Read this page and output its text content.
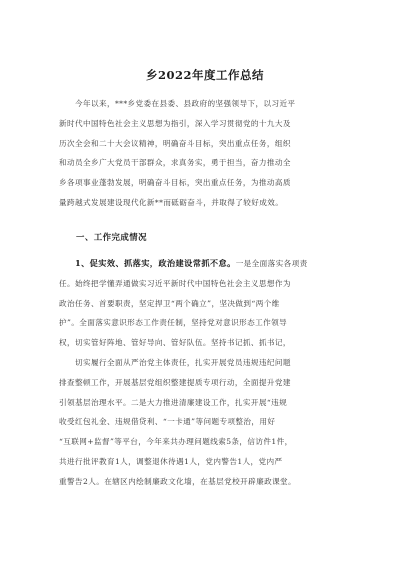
乡2022年度工作总结
今年以来，***乡党委在县委、县政府的坚强领导下，以习近平
新时代中国特色社会主义思想为指引，深入学习贯彻党的十九大及
历次全会和二十大会议精神，明确奋斗目标，突出重点任务，组织
和动员全乡广大党员干部群众，求真务实，勇于担当，奋力推动全
乡各项事业蓬勃发展，明确奋斗目标，突出重点任务，为推动高质
量跨越式发展建设现代化新**而砥砺奋斗，并取得了较好成效。
一、工作完成情况
1、促实效、抓落实，政治建设常抓不怠。一是全面落实各项责
任。始终把学懂弄通做实习近平新时代中国特色社会主义思想作为
政治任务、首要职责，坚定捍卫“两个确立”，坚决做到“两个维
护”。全面落实意识形态工作责任制，坚持党对意识形态工作领导
权，切实管好阵地、管好导向、管好队伍。坚持书记抓、抓书记，
切实履行全面从严治党主体责任，扎实开展党员违规违纪问题
排查整顿工作，开展基层党组织整建提质专项行动，全面提升党建
引领基层治理水平。二是大力推进清廉建设工作，扎实开展“违规
收受红包礼金、违规借贷利、“一卡通”等问题专项整治，用好
“互联网+监督”等平台，今年来共办理问题线索5条，信访件1件，
共进行批评教育1人，调整退休待遇1人，党内警告1人，党内严
重警告2人。在辖区内绘制廉政文化墙，在基层党校开辟廉政课堂。
